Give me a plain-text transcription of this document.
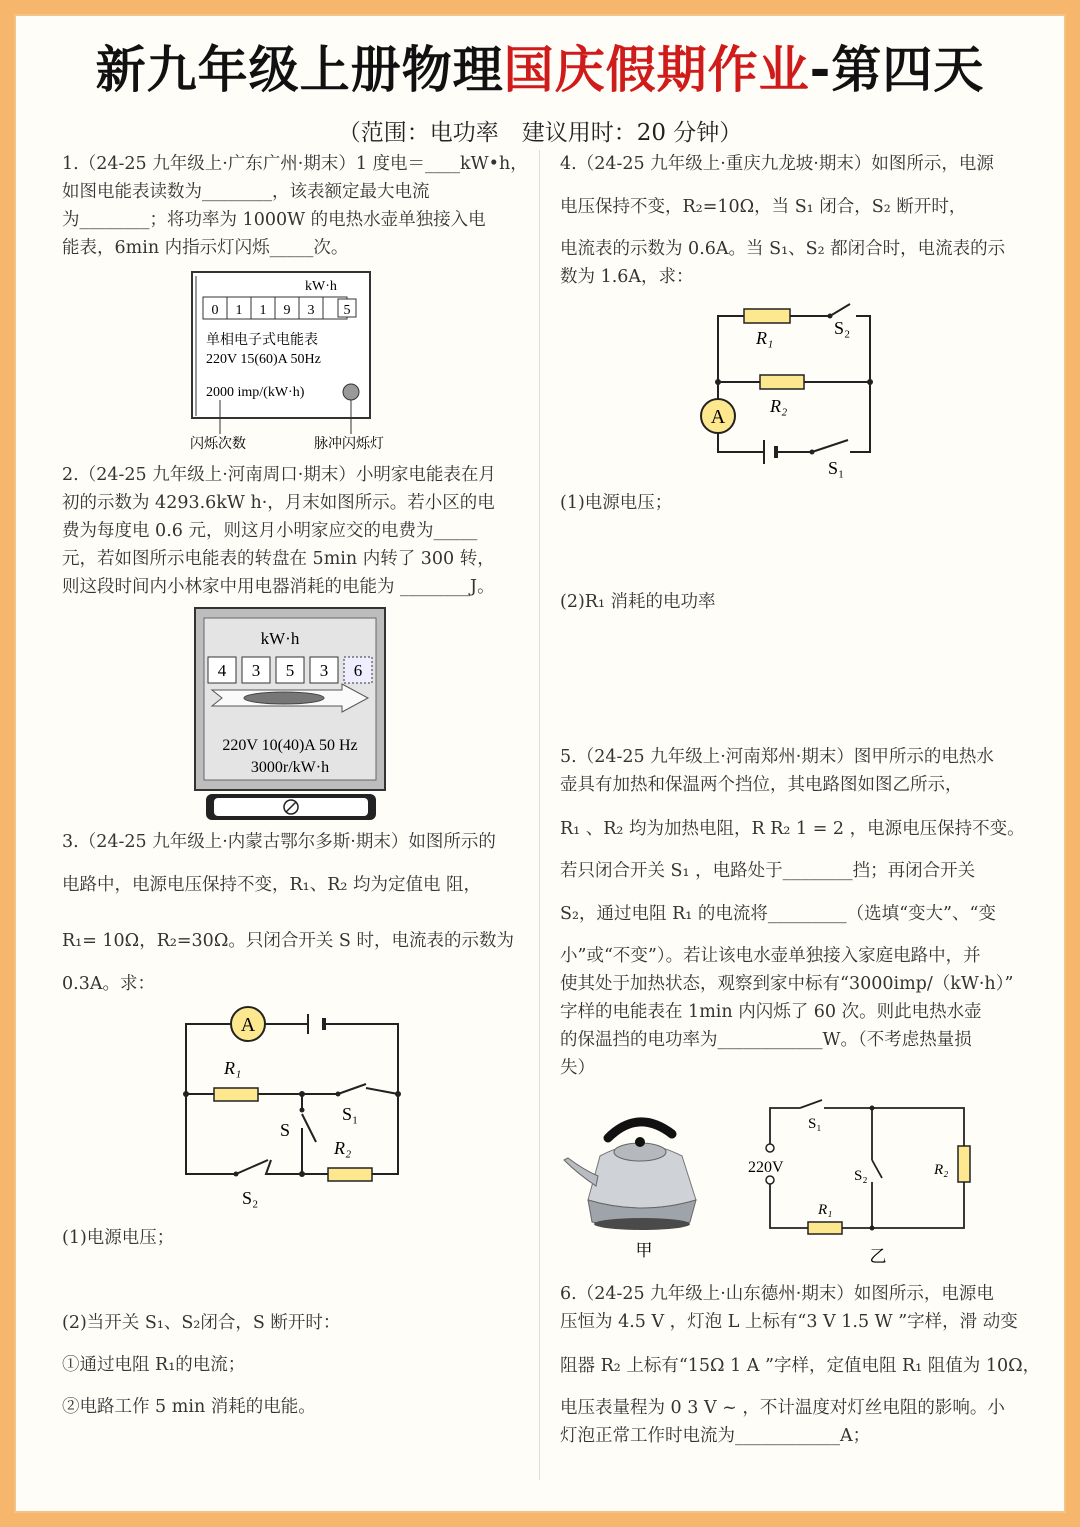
新九年级上册物理国庆假期作业-第四天
（范围：电功率　建议用时：20 分钟）
1.（24-25 九年级上·广东广州·期末）1 度电＝____kW•h，
如图电能表读数为________，该表额定最大电流
为________；将功率为 1000W 的电热水壶单独接入电
能表，6min 内指示灯闪烁_____次。
kW·h
0 1 1 9 3 5
单相电子式电能表
220V 15(60)A 50Hz
2000 imp/(kW·h)
闪烁次数	脉冲闪烁灯
2.（24-25 九年级上·河南周口·期末）小明家电能表在月
初的示数为 4293.6kW h·，月末如图所示。若小区的电
费为每度电 0.6 元，则这月小明家应交的电费为_____
元，若如图所示电能表的转盘在 5min 内转了 300 转，
则这段时间内小林家中用电器消耗的电能为 ________J。
kW·h
4 3 5 3 6
220V 10(40)A 50 Hz
3000r/kW·h
3.（24-25 九年级上·内蒙古鄂尔多斯·期末）如图所示的
电路中，电源电压保持不变，R₁、R₂ 均为定值电 阻，
R₁= 10Ω，R₂=30Ω。只闭合开关 S 时，电流表的示数为
0.3A。求：
A
R₁
R₂
S
S₁
S₂
(1)电源电压；
(2)当开关 S₁、S₂闭合，S 断开时：
①通过电阻 R₁的电流；
②电路工作 5 min 消耗的电能。
4.（24-25 九年级上·重庆九龙坡·期末）如图所示，电源
电压保持不变，R₂=10Ω，当 S₁ 闭合，S₂ 断开时，
电流表的示数为 0.6A。当 S₁、S₂ 都闭合时，电流表的示
数为 1.6A，求：
A
R₁
R₂
S₂
S₁
(1)电源电压；
(2)R₁ 消耗的电功率
5.（24-25 九年级上·河南郑州·期末）图甲所示的电热水
壶具有加热和保温两个挡位，其电路图如图乙所示，
R₁ 、R₂ 均为加热电阻，R R₂ 1 = 2 ，电源电压保持不变。
若只闭合开关 S₁ ，电路处于________挡；再闭合开关
S₂，通过电阻 R₁ 的电流将_________（选填“变大”、“变
小”或“不变”）。若让该电水壶单独接入家庭电路中，并
使其处于加热状态，观察到家中标有“3000imp/（kW·h）”
字样的电能表在 1min 内闪烁了 60 次。则此电热水壶
的保温挡的电功率为____________W。（不考虑热量损
失）
甲
220V
S₁
S₂
R₁
R₂
乙
6.（24-25 九年级上·山东德州·期末）如图所示，电源电
压恒为 4.5 V ，灯泡 L 上标有“3 V 1.5 W ”字样，滑 动变
阻器 R₂ 上标有“15Ω 1 A ”字样，定值电阻 R₁ 阻值为 10Ω，
电压表量程为 0 3 V ~ ，不计温度对灯丝电阻的影响。小
灯泡正常工作时电流为____________A；
